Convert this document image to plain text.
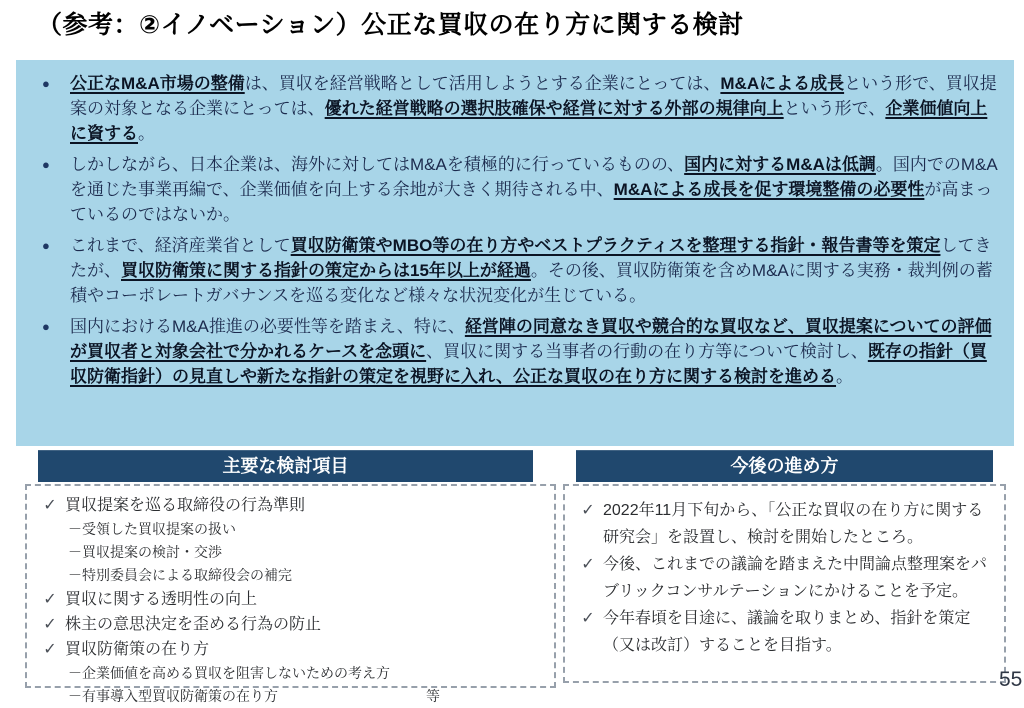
（参考：②イノベーション）公正な買収の在り方に関する検討
●	公正なM&A市場の整備は、買収を経営戦略として活用しようとする企業にとっては、M&Aによる成長という形で、買収提案の対象となる企業にとっては、優れた経営戦略の選択肢確保や経営に対する外部の規律向上という形で、企業価値向上に資する。
●	しかしながら、日本企業は、海外に対してはM&Aを積極的に行っているものの、国内に対するM&Aは低調。国内でのM&Aを通じた事業再編で、企業価値を向上する余地が大きく期待される中、M&Aによる成長を促す環境整備の必要性が高まっているのではないか。
●	これまで、経済産業省として買収防衛策やMBO等の在り方やベストプラクティスを整理する指針・報告書等を策定してきたが、買収防衛策に関する指針の策定からは15年以上が経過。その後、買収防衛策を含めM&Aに関する実務・裁判例の蓄積やコーポレートガバナンスを巡る変化など様々な状況変化が生じている。
●	国内におけるM&A推進の必要性等を踏まえ、特に、経営陣の同意なき買収や競合的な買収など、買収提案についての評価が買収者と対象会社で分かれるケースを念頭に、買収に関する当事者の行動の在り方等について検討し、既存の指針（買収防衛指針）の見直しや新たな指針の策定を視野に入れ、公正な買収の在り方に関する検討を進める。
主要な検討項目
✓ 買収提案を巡る取締役の行為準則
－受領した買収提案の扱い
－買収提案の検討・交渉
－特別委員会による取締役会の補完
✓ 買収に関する透明性の向上
✓ 株主の意思決定を歪める行為の防止
✓ 買収防衛策の在り方
－企業価値を高める買収を阻害しないための考え方
－有事導入型買収防衛策の在り方	等
今後の進め方
✓ 2022年11月下旬から、「公正な買収の在り方に関する研究会」を設置し、検討を開始したところ。
✓ 今後、これまでの議論を踏まえた中間論点整理案をパブリックコンサルテーションにかけることを予定。
✓ 今年春頃を目途に、議論を取りまとめ、指針を策定（又は改訂）することを目指す。
55
